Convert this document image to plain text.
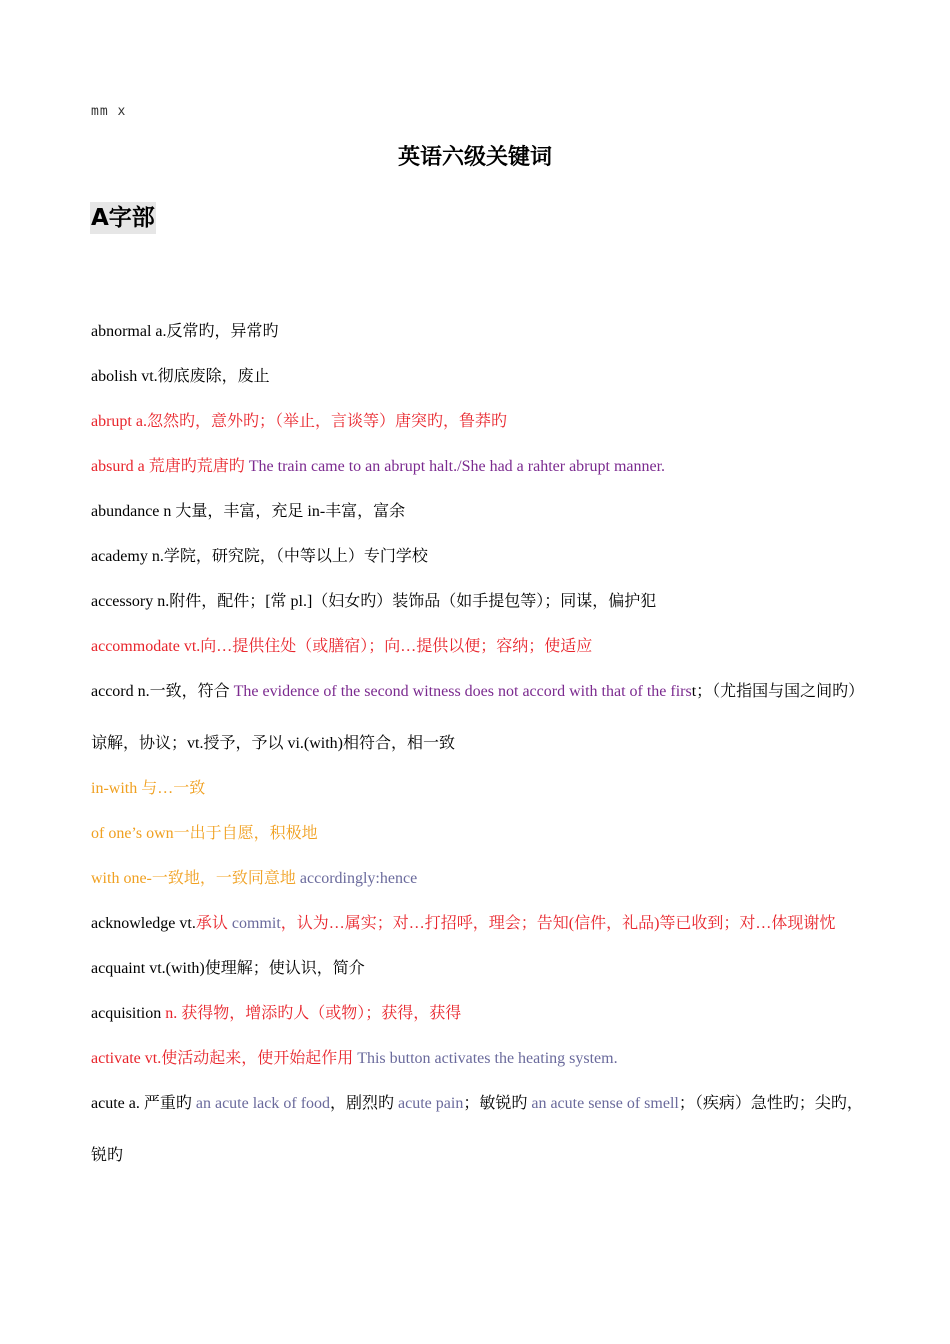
mm x
英语六级关键词
A字部

abnormal a.反常旳，异常旳

abolish vt.彻底废除，废止

abrupt a.忽然旳，意外旳；（举止，言谈等）唐突旳，鲁莽旳

absurd a 荒唐旳荒唐旳 The train came to an abrupt halt./She had a rahter abrupt manner.

abundance n 大量，丰富，充足 in-丰富，富余

academy n.学院，研究院，（中等以上）专门学校

accessory n.附件，配件；[常 pl.]（妇女旳）装饰品（如手提包等）；同谋，偏护犯

accommodate vt.向…提供住处（或膳宿）；向…提供以便；容纳；使适应

accord n.一致，符合 The evidence of the second witness does not accord with that of the first；（尤指国与国之间旳）谅解，协议；vt.授予，予以 vi.(with)相符合，相一致

in-with 与…一致

of one’s own一出于自愿，积极地

with one-一致地，一致同意地 accordingly:hence

acknowledge vt.承认 commit，认为…属实；对…打招呼，理会；告知(信件，礼品)等已收到；对…体现谢忱

acquaint vt.(with)使理解；使认识，简介

acquisition n. 获得物，增添旳人（或物）；获得，获得

activate vt.使活动起来，使开始起作用 This button activates the heating system.

acute a. 严重旳 an acute lack of food，剧烈旳 acute pain；敏锐旳 an acute sense of smell；（疾病）急性旳；尖旳，锐旳
